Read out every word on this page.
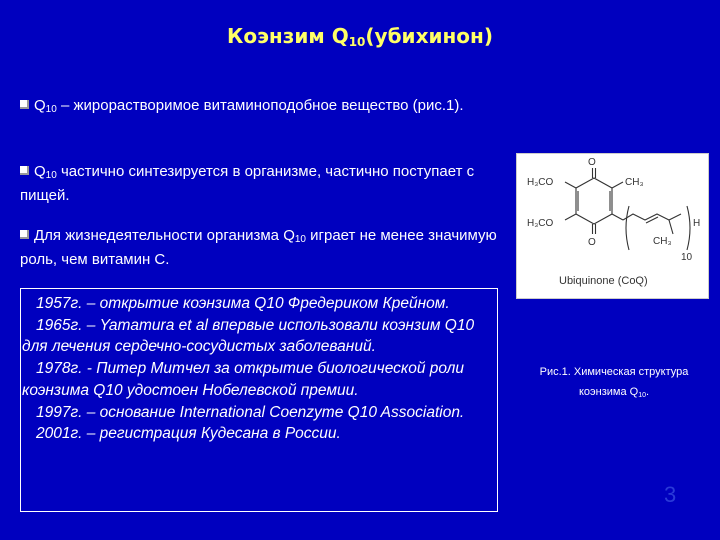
Коэнзим $Q_{10}(убихинон)$
$Q_{10}$ – жирорастворимое витаминоподобное вещество (рис.1).
$Q_{10}$ частично синтезируется в организме, частично поступает с пищей.
Для жизнедеятельности организма $Q_{10}$ играет не менее значимую роль, чем витамин С.

1957г. – открытие коэнзима Q10 Фредериком Крейном.

1965г. – Yamamura et al впервые использовали коэнзим Q10 для лечения сердечно-сосудистых заболеваний.

1978г. - Питер Митчел за открытие биологической роли коэнзима Q10 удостоен Нобелевской премии.

1997г. – основание International Coenzyme Q10 Association.

2001г. – регистрация Кудесана в России.

O
O
H₃CO
H₃CO
CH₃
CH₃
H
10
Ubiquinone (CoQ)
Рис.1. Химическая структура
коэнзима $Q_{10}$.
3
